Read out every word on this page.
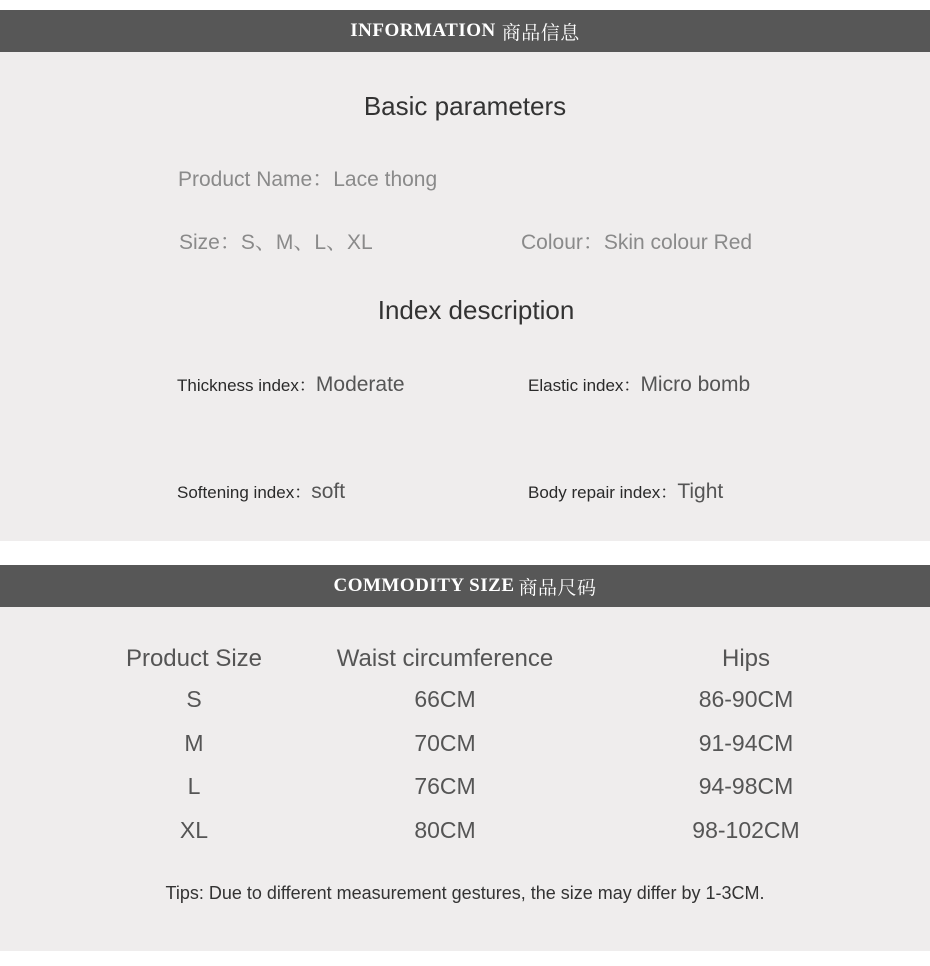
INFORMATION 商品信息
Basic parameters
Product Name：Lace thong
Size：S、M、L、XL	Colour：Skin colour Red
Index description
Thickness index：Moderate	Elastic index：Micro bomb
Softening index：soft	Body repair index：Tight
COMMODITY SIZE 商品尺码
Product Size	Waist circumference	Hips
S	66CM	86-90CM
M	70CM	91-94CM
L	76CM	94-98CM
XL	80CM	98-102CM
Tips: Due to different measurement gestures, the size may differ by 1-3CM.
